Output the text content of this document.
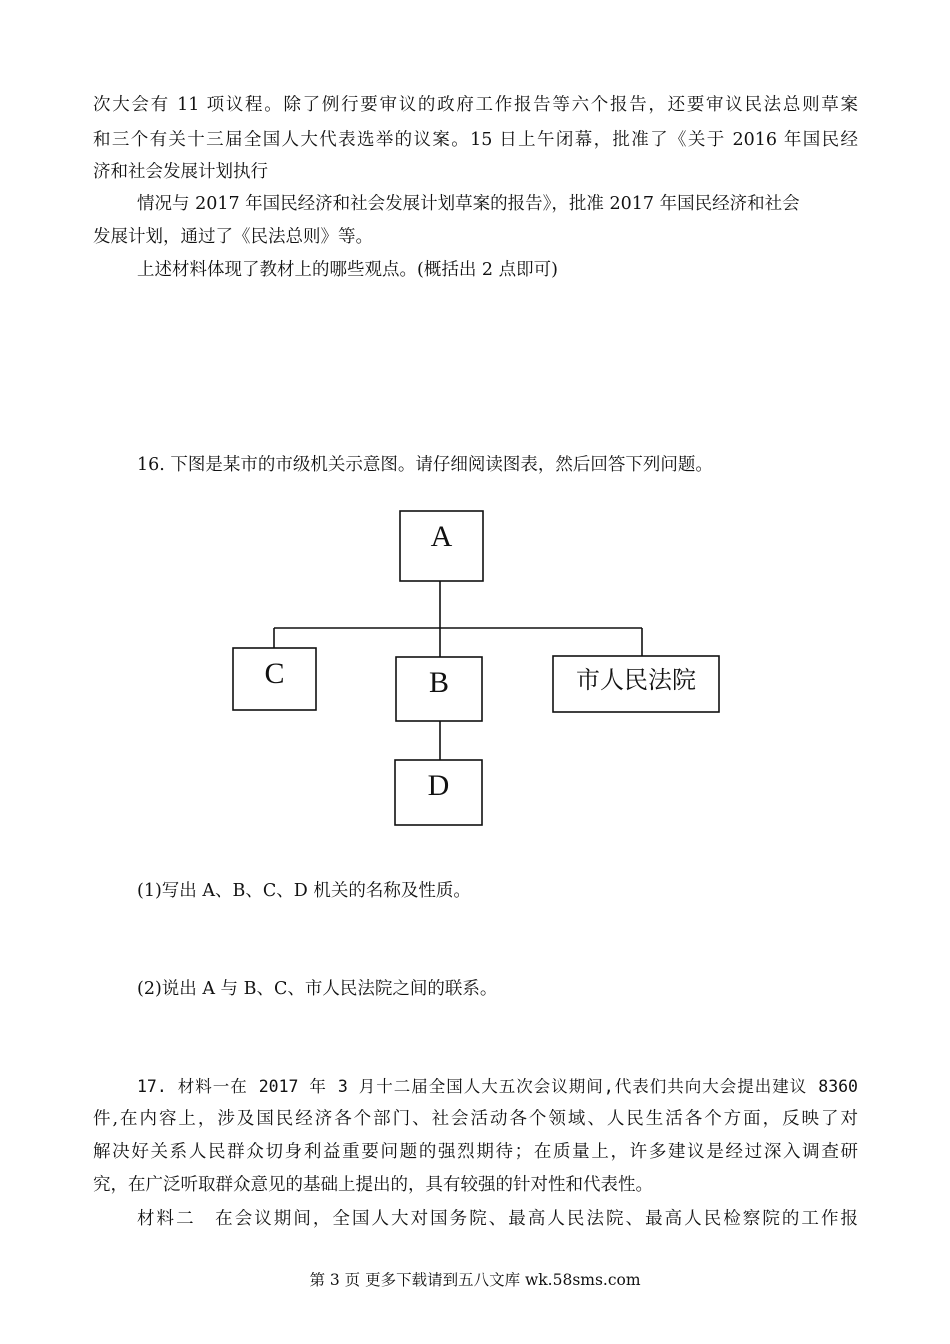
次大会有 11 项议程。除了例行要审议的政府工作报告等六个报告，还要审议民法总则草案
和三个有关十三届全国人大代表选举的议案。15 日上午闭幕，批准了《关于 2016 年国民经
济和社会发展计划执行
情况与 2017 年国民经济和社会发展计划草案的报告》，批准 2017 年国民经济和社会
发展计划，通过了《民法总则》等。
上述材料体现了教材上的哪些观点。(概括出 2 点即可)
16. 下图是某市的市级机关示意图。请仔细阅读图表，然后回答下列问题。
A
C	B	市人民法院
D
(1)写出 A、B、C、D 机关的名称及性质。
(2)说出 A 与 B、C、市人民法院之间的联系。
17. 材料一在 2017 年 3 月十二届全国人大五次会议期间,代表们共向大会提出建议 8360
件,在内容上，涉及国民经济各个部门、社会活动各个领域、人民生活各个方面，反映了对
解决好关系人民群众切身利益重要问题的强烈期待；在质量上，许多建议是经过深入调查研
究，在广泛听取群众意见的基础上提出的，具有较强的针对性和代表性。
材料二　在会议期间，全国人大对国务院、最高人民法院、最高人民检察院的工作报
第 3 页 更多下载请到五八文库 wk.58sms.com
